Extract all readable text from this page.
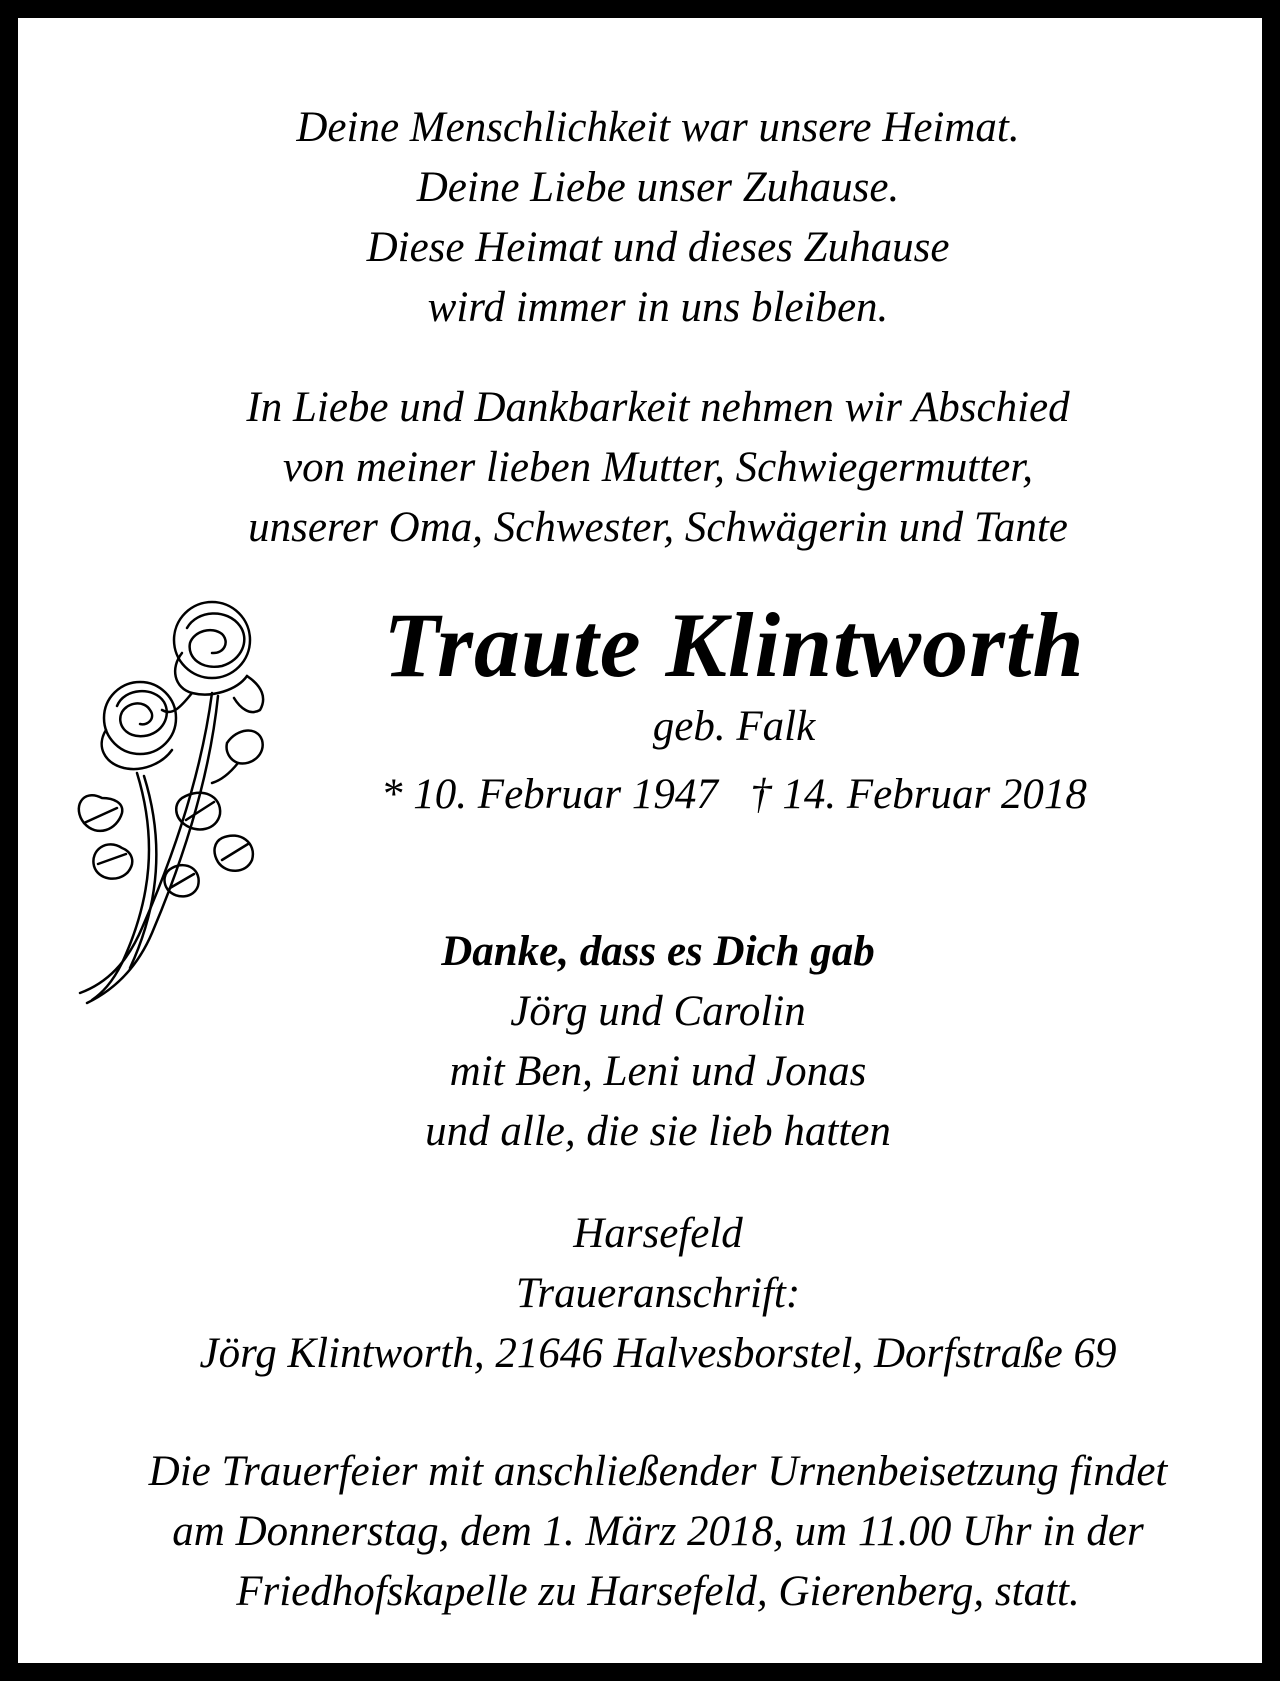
Deine Menschlichkeit war unsere Heimat.
Deine Liebe unser Zuhause.
Diese Heimat und dieses Zuhause
wird immer in uns bleiben.
In Liebe und Dankbarkeit nehmen wir Abschied
von meiner lieben Mutter, Schwiegermutter,
unserer Oma, Schwester, Schwägerin und Tante
Traute Klintworth
geb. Falk
* 10. Februar 1947   † 14. Februar 2018
Danke, dass es Dich gab
Jörg und Carolin
mit Ben, Leni und Jonas
und alle, die sie lieb hatten
Harsefeld
Traueranschrift:
Jörg Klintworth, 21646 Halvesborstel, Dorfstraße 69
Die Trauerfeier mit anschließender Urnenbeisetzung findet
am Donnerstag, dem 1. März 2018, um 11.00 Uhr in der
Friedhofskapelle zu Harsefeld, Gierenberg, statt.
